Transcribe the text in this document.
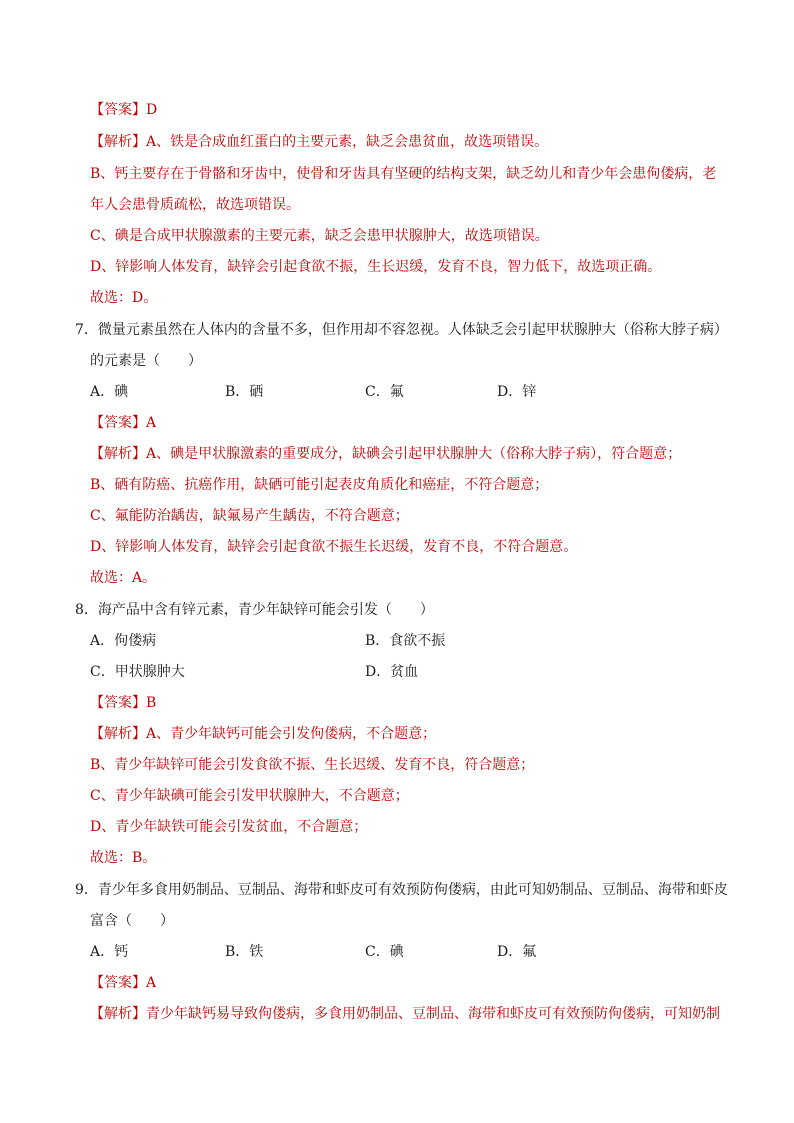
【答案】D
【解析】A、铁是合成血红蛋白的主要元素，缺乏会患贫血，故选项错误。
B、钙主要存在于骨骼和牙齿中，使骨和牙齿具有坚硬的结构支架，缺乏幼儿和青少年会患佝偻病，老
年人会患骨质疏松，故选项错误。
C、碘是合成甲状腺激素的主要元素，缺乏会患甲状腺肿大，故选项错误。
D、锌影响人体发育，缺锌会引起食欲不振，生长迟缓，发育不良，智力低下，故选项正确。
故选：D。
7．微量元素虽然在人体内的含量不多，但作用却不容忽视。人体缺乏会引起甲状腺肿大（俗称大脖子病）
的元素是（　　）
A．碘	B．硒	C．氟	D．锌
【答案】A
【解析】A、碘是甲状腺激素的重要成分，缺碘会引起甲状腺肿大（俗称大脖子病），符合题意；
B、硒有防癌、抗癌作用，缺硒可能引起表皮角质化和癌症，不符合题意；
C、氟能防治龋齿，缺氟易产生龋齿，不符合题意；
D、锌影响人体发育，缺锌会引起食欲不振生长迟缓，发育不良，不符合题意。
故选：A。
8．海产品中含有锌元素，青少年缺锌可能会引发（　　）
A．佝偻病	B．食欲不振
C．甲状腺肿大	D．贫血
【答案】B
【解析】A、青少年缺钙可能会引发佝偻病，不合题意；
B、青少年缺锌可能会引发食欲不振、生长迟缓、发育不良，符合题意；
C、青少年缺碘可能会引发甲状腺肿大，不合题意；
D、青少年缺铁可能会引发贫血，不合题意；
故选：B。
9．青少年多食用奶制品、豆制品、海带和虾皮可有效预防佝偻病，由此可知奶制品、豆制品、海带和虾皮
富含（　　）
A．钙	B．铁	C．碘	D．氟
【答案】A
【解析】青少年缺钙易导致佝偻病，多食用奶制品、豆制品、海带和虾皮可有效预防佝偻病，可知奶制
